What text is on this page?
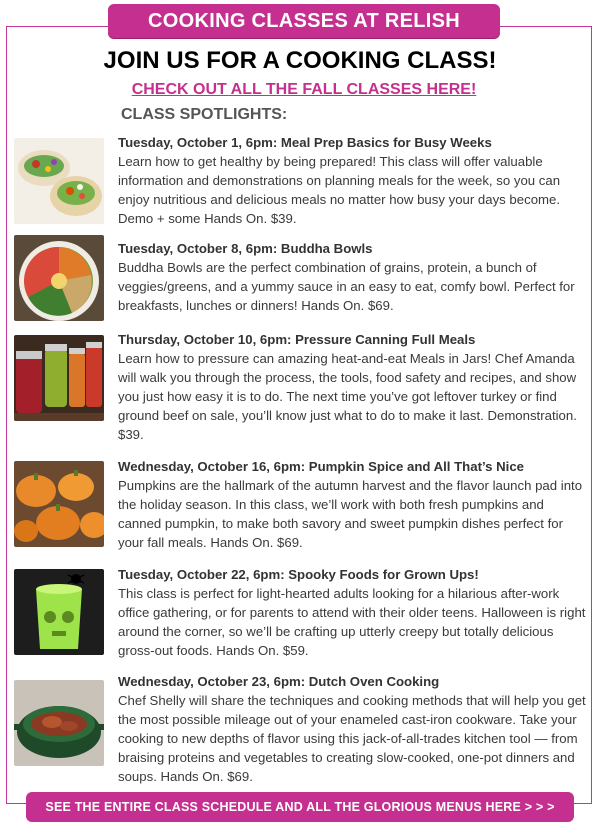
COOKING CLASSES AT RELISH
JOIN US FOR A COOKING CLASS!
CHECK OUT ALL THE FALL CLASSES HERE!
CLASS SPOTLIGHTS:
Tuesday, October 1, 6pm: Meal Prep Basics for Busy Weeks
Learn how to get healthy by being prepared! This class will offer valuable information and demonstrations on planning meals for the week, so you can enjoy nutritious and delicious meals no matter how busy your days become. Demo + some Hands On. $39.
Tuesday, October 8, 6pm: Buddha Bowls
Buddha Bowls are the perfect combination of grains, protein, a bunch of veggies/greens, and a yummy sauce in an easy to eat, comfy bowl. Perfect for breakfasts, lunches or dinners! Hands On. $69.
Thursday, October 10, 6pm: Pressure Canning Full Meals
Learn how to pressure can amazing heat-and-eat Meals in Jars! Chef Amanda will walk you through the process, the tools, food safety and recipes, and show you just how easy it is to do. The next time you’ve got leftover turkey or find ground beef on sale, you’ll know just what to do to make it last. Demonstration. $39.
Wednesday, October 16, 6pm: Pumpkin Spice and All That’s Nice
Pumpkins are the hallmark of the autumn harvest and the flavor launch pad into the holiday season. In this class, we’ll work with both fresh pumpkins and canned pumpkin, to make both savory and sweet pumpkin dishes perfect for your fall meals. Hands On. $69.
Tuesday, October 22, 6pm: Spooky Foods for Grown Ups!
This class is perfect for light-hearted adults looking for a hilarious after-work office gathering, or for parents to attend with their older teens. Halloween is right around the corner, so we’ll be crafting up utterly creepy but totally delicious gross-out foods. Hands On. $59.
Wednesday, October 23, 6pm: Dutch Oven Cooking
Chef Shelly will share the techniques and cooking methods that will help you get the most possible mileage out of your enameled cast-iron cookware. Take your cooking to new depths of flavor using this jack-of-all-trades kitchen tool — from braising proteins and vegetables to creating slow-cooked, one-pot dinners and soups. Hands On. $69.
SEE THE ENTIRE CLASS SCHEDULE AND ALL THE GLORIOUS MENUS HERE > > >
